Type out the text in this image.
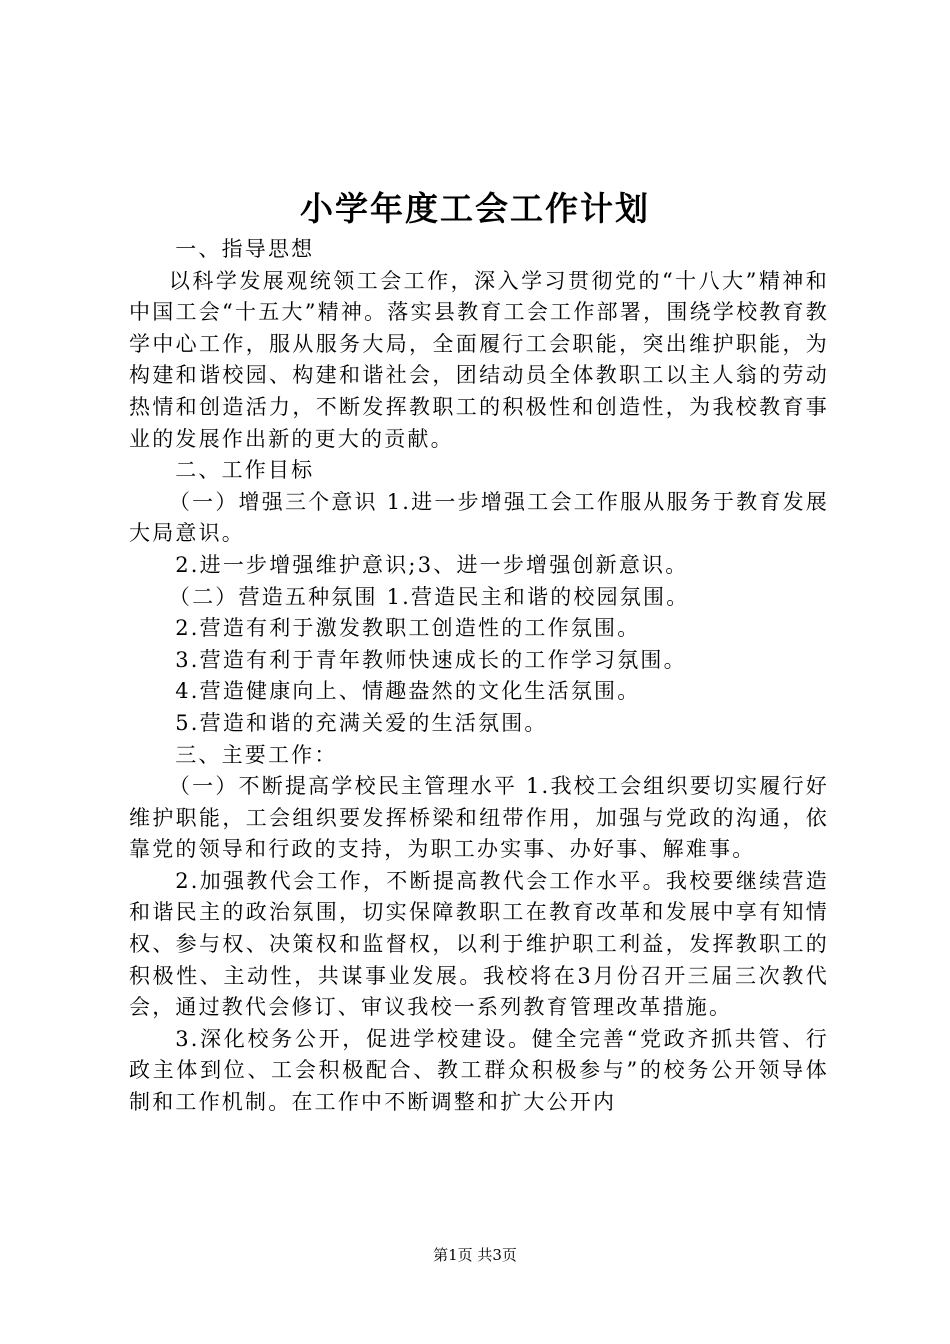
小学年度工会工作计划

一、指导思想

以科学发展观统领工会工作，深入学习贯彻党的“十八大”精神和中国工会“十五大”精神。落实县教育工会工作部署，围绕学校教育教学中心工作，服从服务大局，全面履行工会职能，突出维护职能，为构建和谐校园、构建和谐社会，团结动员全体教职工以主人翁的劳动热情和创造活力，不断发挥教职工的积极性和创造性，为我校教育事业的发展作出新的更大的贡献。

二、工作目标

（一）增强三个意识 1.进一步增强工会工作服从服务于教育发展大局意识。

2.进一步增强维护意识;3、进一步增强创新意识。

（二）营造五种氛围 1.营造民主和谐的校园氛围。

2.营造有利于激发教职工创造性的工作氛围。

3.营造有利于青年教师快速成长的工作学习氛围。

4.营造健康向上、情趣盎然的文化生活氛围。

5.营造和谐的充满关爱的生活氛围。

三、主要工作：

（一）不断提高学校民主管理水平 1.我校工会组织要切实履行好维护职能，工会组织要发挥桥梁和纽带作用，加强与党政的沟通，依靠党的领导和行政的支持，为职工办实事、办好事、解难事。

2.加强教代会工作，不断提高教代会工作水平。我校要继续营造和谐民主的政治氛围，切实保障教职工在教育改革和发展中享有知情权、参与权、决策权和监督权，以利于维护职工利益，发挥教职工的积极性、主动性，共谋事业发展。我校将在3月份召开三届三次教代会，通过教代会修订、审议我校一系列教育管理改革措施。

3.深化校务公开，促进学校建设。健全完善“党政齐抓共管、行政主体到位、工会积极配合、教工群众积极参与”的校务公开领导体制和工作机制。在工作中不断调整和扩大公开内

第1页 共3页
